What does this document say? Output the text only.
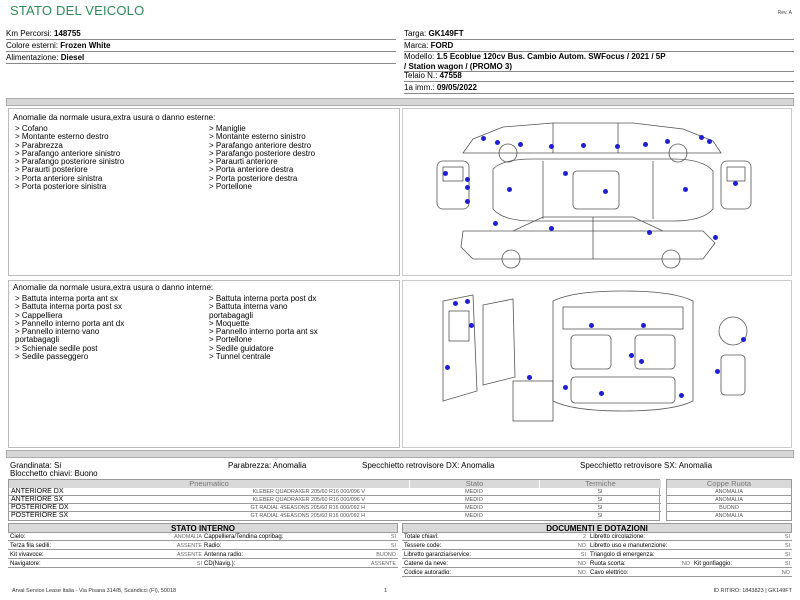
STATO DEL VEICOLO	Rev. A
Km Percorsi: 148755
Colore esterni: Frozen White
Alimentazione: Diesel
Targa: GK149FT
Marca: FORD
Modello: 1.5 Ecoblue 120cv Bus. Cambio Autom. SWFocus / 2021 / 5P
/ Station wagon / (PROMO 3)
Telaio N.: 47558
1a imm.: 09/05/2022
Anomalie da normale usura,extra usura o danno esterne:
> Cofano
> Montante esterno destro
> Parabrezza
> Parafango anteriore sinistro
> Parafango posteriore sinistro
> Paraurti posteriore
> Porta anteriore sinistra
> Porta posteriore sinistra
> Maniglie
> Montante esterno sinistro
> Parafango anteriore destro
> Parafango posteriore destro
> Paraurti anteriore
> Porta anteriore destra
> Porta posteriore destra
> Portellone
Anomalie da normale usura,extra usura o danno interne:
> Battuta interna porta ant sx
> Battuta interna porta post sx
> Cappelliera
> Pannello interno porta ant dx
> Pannello interno vano
portabagagli
> Schienale sedile post
> Sedile passeggero
> Battuta interna porta post dx
> Battuta interna vano
portabagagli
> Moquette
> Pannello interno porta ant sx
> Portellone
> Sedile guidatore
> Tunnel centrale
Grandinata: Si
Blocchetto chiavi: Buono
Parabrezza: Anomalia	Specchietto retrovisore DX: Anomalia	Specchietto retrovisore SX: Anomalia
Pneumatico	Stato	Termiche
ANTERIORE DX	KLEBER QUADRAXER 205/60 R16 000/096 V	MEDIO	SI
ANTERIORE SX	KLEBER QUADRAXER 205/60 R16 000/096 V	MEDIO	SI
POSTERIORE DX	GT RADIAL 4SEASONS 205/60 R16 000/092 H	MEDIO	SI
POSTERIORE SX	GT RADIAL 4SEASONS 205/60 R16 000/092 H	MEDIO	SI
Coppe Ruota
ANOMALIA
ANOMALIA
BUONO
ANOMALIA
STATO INTERNO
Cielo:	ANOMALIA Cappelliera/Tendina copribag:	SI
Terza fila sedili:	ASSENTE Radio:	SI
Kit vivavoce:	ASSENTE Antenna radio:	BUONO
Navigatore:	SI CD(Navig.):	ASSENTE
DOCUMENTI E DOTAZIONI
Totale chiavi:	2 Libretto circolazione:	SI
Tessere code:	NO Libretto uso e manutenzione:	SI
Libretto garanzia/service:	SI Triangolo di emergenza:	SI
Catene da neve:	NO Ruota scorta:	NO Kit gonfiaggio:	SI
Codice autoradio:	NO Cavo elettrico:	NO
Arval Service Lease Italia - Via Pisana 314/B, Scandicci (FI), 50018	1	ID RITIRO: 1843823 | GK149FT
